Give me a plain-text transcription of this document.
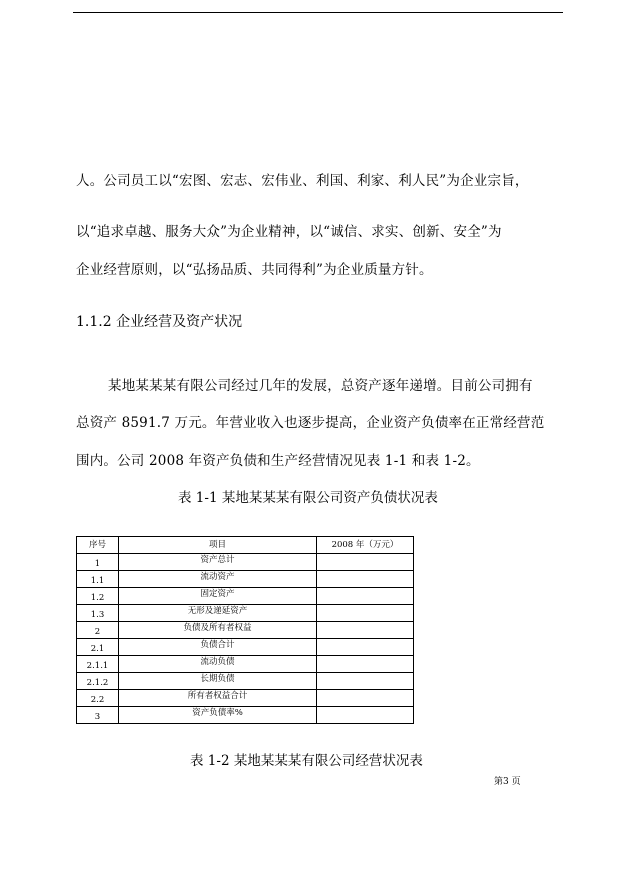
人。公司员工以“宏图、宏志、宏伟业、利国、利家、利人民”为企业宗旨，
以“追求卓越、服务大众”为企业精神，以“诚信、求实、创新、安全”为
企业经营原则，以“弘扬品质、共同得利”为企业质量方针。
1.1.2 企业经营及资产状况
某地某某某有限公司经过几年的发展，总资产逐年递增。目前公司拥有
总资产 8591.7 万元。年营业收入也逐步提高，企业资产负债率在正常经营范
围内。公司 2008 年资产负债和生产经营情况见表 1-1 和表 1-2。
表 1-1 某地某某某有限公司资产负债状况表
序号	项目	2008 年（万元）
1	资产总计	
1.1	流动资产	
1.2	固定资产	
1.3	无形及递延资产	
2	负债及所有者权益	
2.1	负债合计	
2.1.1	流动负债	
2.1.2	长期负债	
2.2	所有者权益合计	
3	资产负债率%	
表 1-2 某地某某某有限公司经营状况表
第3 页
